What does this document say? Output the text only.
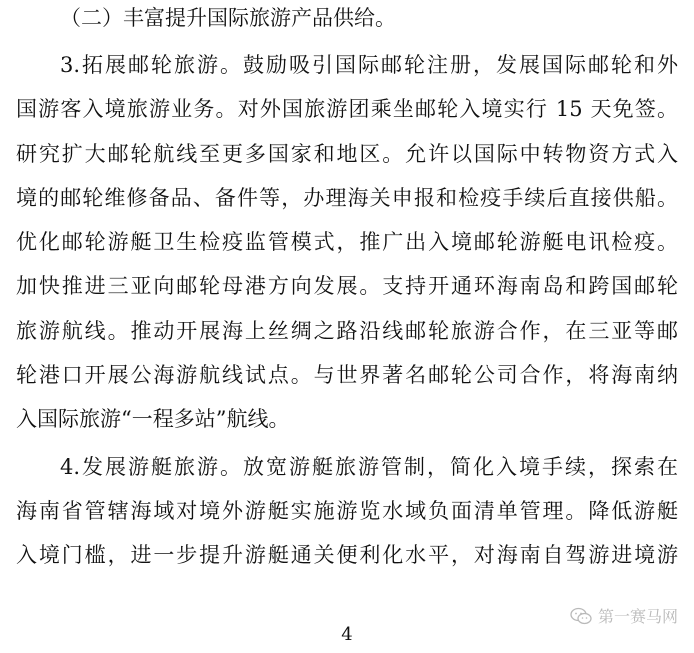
（二）丰富提升国际旅游产品供给。
3.拓展邮轮旅游。鼓励吸引国际邮轮注册，发展国际邮轮和外
国游客入境旅游业务。对外国旅游团乘坐邮轮入境实行 15 天免签。
研究扩大邮轮航线至更多国家和地区。允许以国际中转物资方式入
境的邮轮维修备品、备件等，办理海关申报和检疫手续后直接供船。
优化邮轮游艇卫生检疫监管模式，推广出入境邮轮游艇电讯检疫。
加快推进三亚向邮轮母港方向发展。支持开通环海南岛和跨国邮轮
旅游航线。推动开展海上丝绸之路沿线邮轮旅游合作，在三亚等邮
轮港口开展公海游航线试点。与世界著名邮轮公司合作，将海南纳
入国际旅游“一程多站”航线。
4.发展游艇旅游。放宽游艇旅游管制，简化入境手续，探索在
海南省管辖海域对境外游艇实施游览水域负面清单管理。降低游艇
入境门槛，进一步提升游艇通关便利化水平，对海南自驾游进境游
4
第一赛马网
